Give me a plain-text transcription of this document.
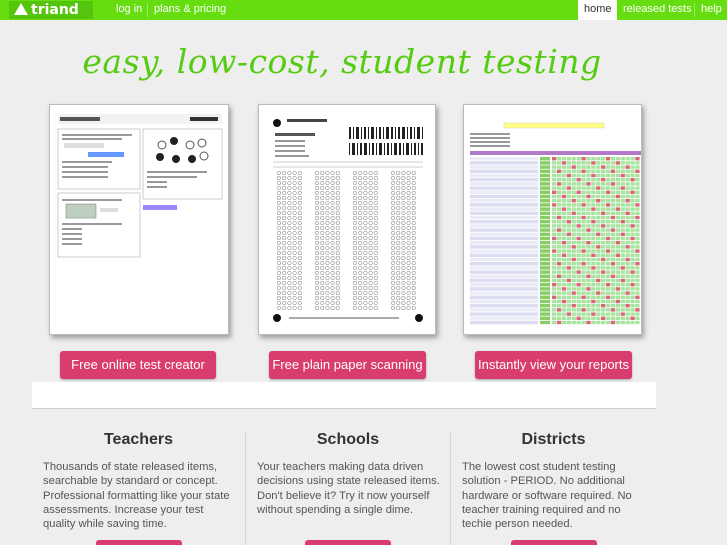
triand	log in	plans & pricing	home	released tests help
easy, low-cost, student testing
Free online test creator	Free plain paper scanning	Instantly view your reports
Teachers

Thousands of state released items, searchable by standard or concept. Professional formatting like your state assessments. Increase your test quality while saving time.

Schools

Your teachers making data driven decisions using state released items. Don't believe it? Try it now yourself without spending a single dime.

Districts

The lowest cost student testing solution - PERIOD. No additional hardware or software required. No teacher training required and no techie person needed.
